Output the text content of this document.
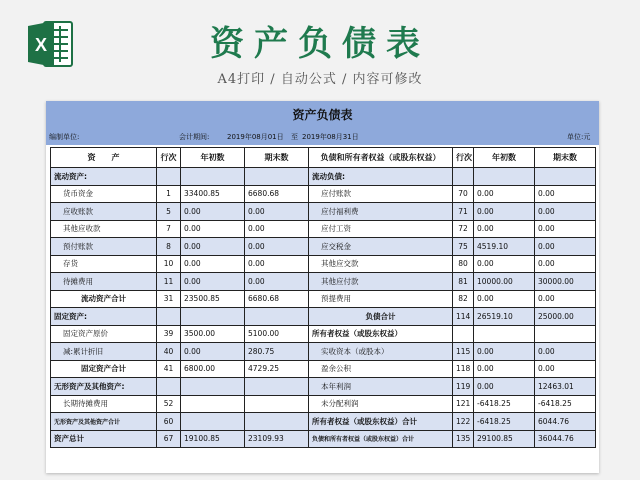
X	资产负债表
A4打印 / 自动公式 / 内容可修改
资产负债表
编制单位:	会计期间:	2019年08月01日 至 2019年08月31日	单位:元
资　　产	行次	年初数	期末数	负债和所有者权益（或股东权益）	行次	年初数	期末数
流动资产:				流动负债:			
货币资金	1	33400.85	6680.68	应付账款	70	0.00	0.00
应收账款	5	0.00	0.00	应付福利费	71	0.00	0.00
其他应收款	7	0.00	0.00	应付工资	72	0.00	0.00
预付账款	8	0.00	0.00	应交税金	75	4519.10	0.00
存货	10	0.00	0.00	其他应交款	80	0.00	0.00
待摊费用	11	0.00	0.00	其他应付款	81	10000.00	30000.00
流动资产合计	31	23500.85	6680.68	预提费用	82	0.00	0.00
固定资产:				负债合计	114	26519.10	25000.00
固定资产原价	39	3500.00	5100.00	所有者权益（或股东权益）			
减:累计折旧	40	0.00	280.75	实收资本（或股本）	115	0.00	0.00
固定资产合计	41	6800.00	4729.25	盈余公积	118	0.00	0.00
无形资产及其他资产:				本年利润	119	0.00	12463.01
长期待摊费用	52			未分配利润	121	-6418.25	-6418.25
无形资产及其他资产合计	60			所有者权益（或股东权益）合计	122	-6418.25	6044.76
资产总计	67	19100.85	23109.93	负债和所有者权益（或股东权益）合计	135	29100.85	36044.76
